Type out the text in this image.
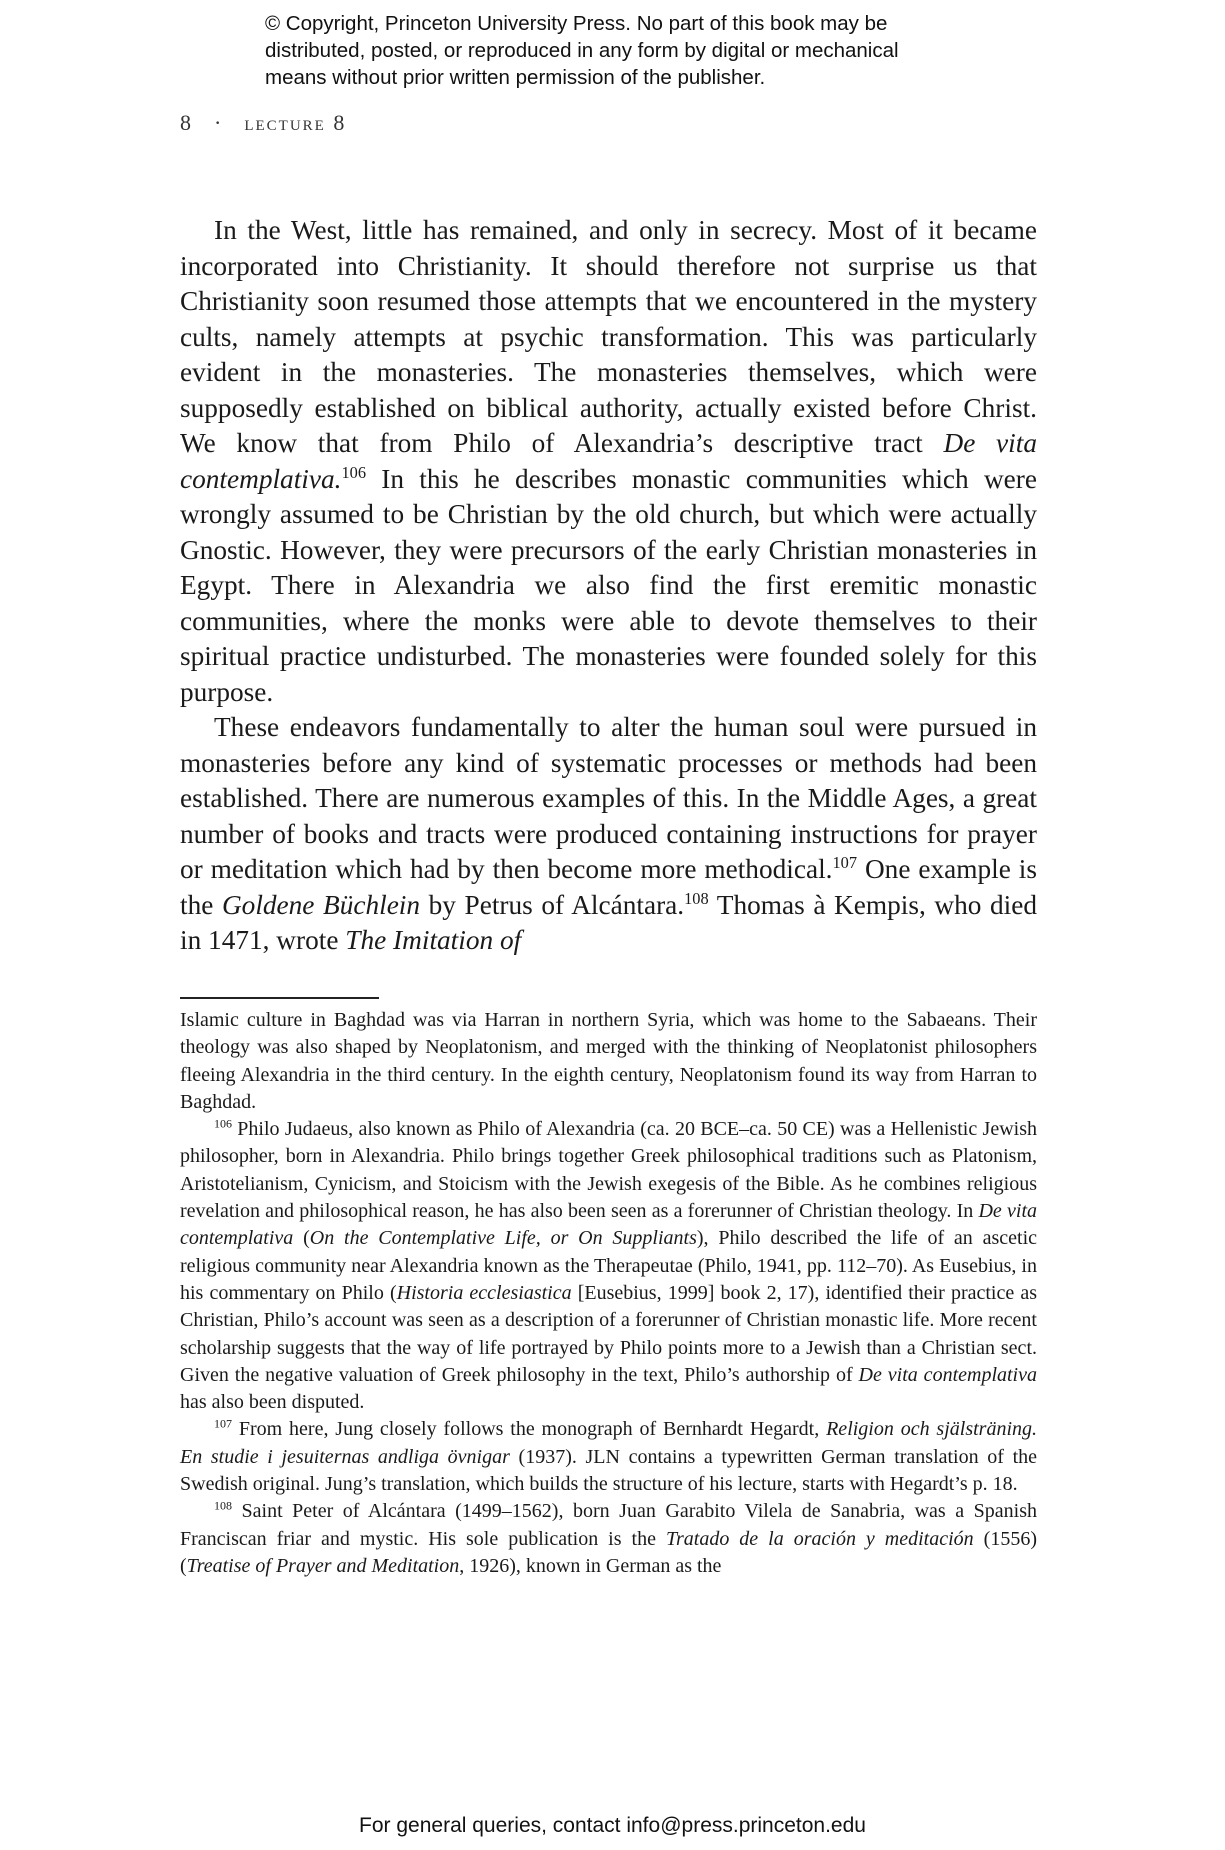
© Copyright, Princeton University Press. No part of this book may be
distributed, posted, or reproduced in any form by digital or mechanical
means without prior written permission of the publisher.
8 · lecture 8

In the West, little has remained, and only in secrecy. Most of it became incorporated into Christianity. It should therefore not surprise us that Christianity soon resumed those attempts that we encountered in the mystery cults, namely attempts at psychic transformation. This was particularly evident in the monasteries. The monasteries themselves, which were supposedly established on biblical authority, actually existed before Christ. We know that from Philo of Alexandria’s descriptive tract De vita contemplativa.$^{106}$ In this he describes monastic communities which were wrongly assumed to be Christian by the old church, but which were actually Gnostic. However, they were precursors of the early Christian monasteries in Egypt. There in Alexandria we also find the first eremitic monastic communities, where the monks were able to devote themselves to their spiritual practice undisturbed. The monasteries were founded solely for this purpose.

These endeavors fundamentally to alter the human soul were pursued in monasteries before any kind of systematic processes or methods had been established. There are numerous examples of this. In the Middle Ages, a great number of books and tracts were produced containing instructions for prayer or meditation which had by then become more methodical.$^{107}$ One example is the Goldene Büchlein by Petrus of Alcántara.$^{108}$ Thomas à Kempis, who died in 1471, wrote The Imitation of

Islamic culture in Baghdad was via Harran in northern Syria, which was home to the Sabaeans. Their theology was also shaped by Neoplatonism, and merged with the thinking of Neoplatonist philosophers fleeing Alexandria in the third century. In the eighth century, Neoplatonism found its way from Harran to Baghdad.

$^{106}$ Philo Judaeus, also known as Philo of Alexandria (ca. 20 BCE–ca. 50 CE) was a Hellenistic Jewish philosopher, born in Alexandria. Philo brings together Greek philosophical traditions such as Platonism, Aristotelianism, Cynicism, and Stoicism with the Jewish exegesis of the Bible. As he combines religious revelation and philosophical reason, he has also been seen as a forerunner of Christian theology. In De vita contemplativa (On the Contemplative Life, or On Suppliants), Philo described the life of an ascetic religious community near Alexandria known as the Therapeutae (Philo, 1941, pp. 112–70). As Eusebius, in his commentary on Philo (Historia ecclesiastica [Eusebius, 1999] book 2, 17), identified their practice as Christian, Philo’s account was seen as a description of a forerunner of Christian monastic life. More recent scholarship suggests that the way of life portrayed by Philo points more to a Jewish than a Christian sect. Given the negative valuation of Greek philosophy in the text, Philo’s authorship of De vita contemplativa has also been disputed.

$^{107}$ From here, Jung closely follows the monograph of Bernhardt Hegardt, Religion och själsträning. En studie i jesuiternas andliga övnigar (1937). JLN contains a typewritten German translation of the Swedish original. Jung’s translation, which builds the structure of his lecture, starts with Hegardt’s p. 18.

$^{108}$ Saint Peter of Alcántara (1499–1562), born Juan Garabito Vilela de Sanabria, was a Spanish Franciscan friar and mystic. His sole publication is the Tratado de la oración y meditación (1556) (Treatise of Prayer and Meditation, 1926), known in German as the

For general queries, contact info@press.princeton.edu
